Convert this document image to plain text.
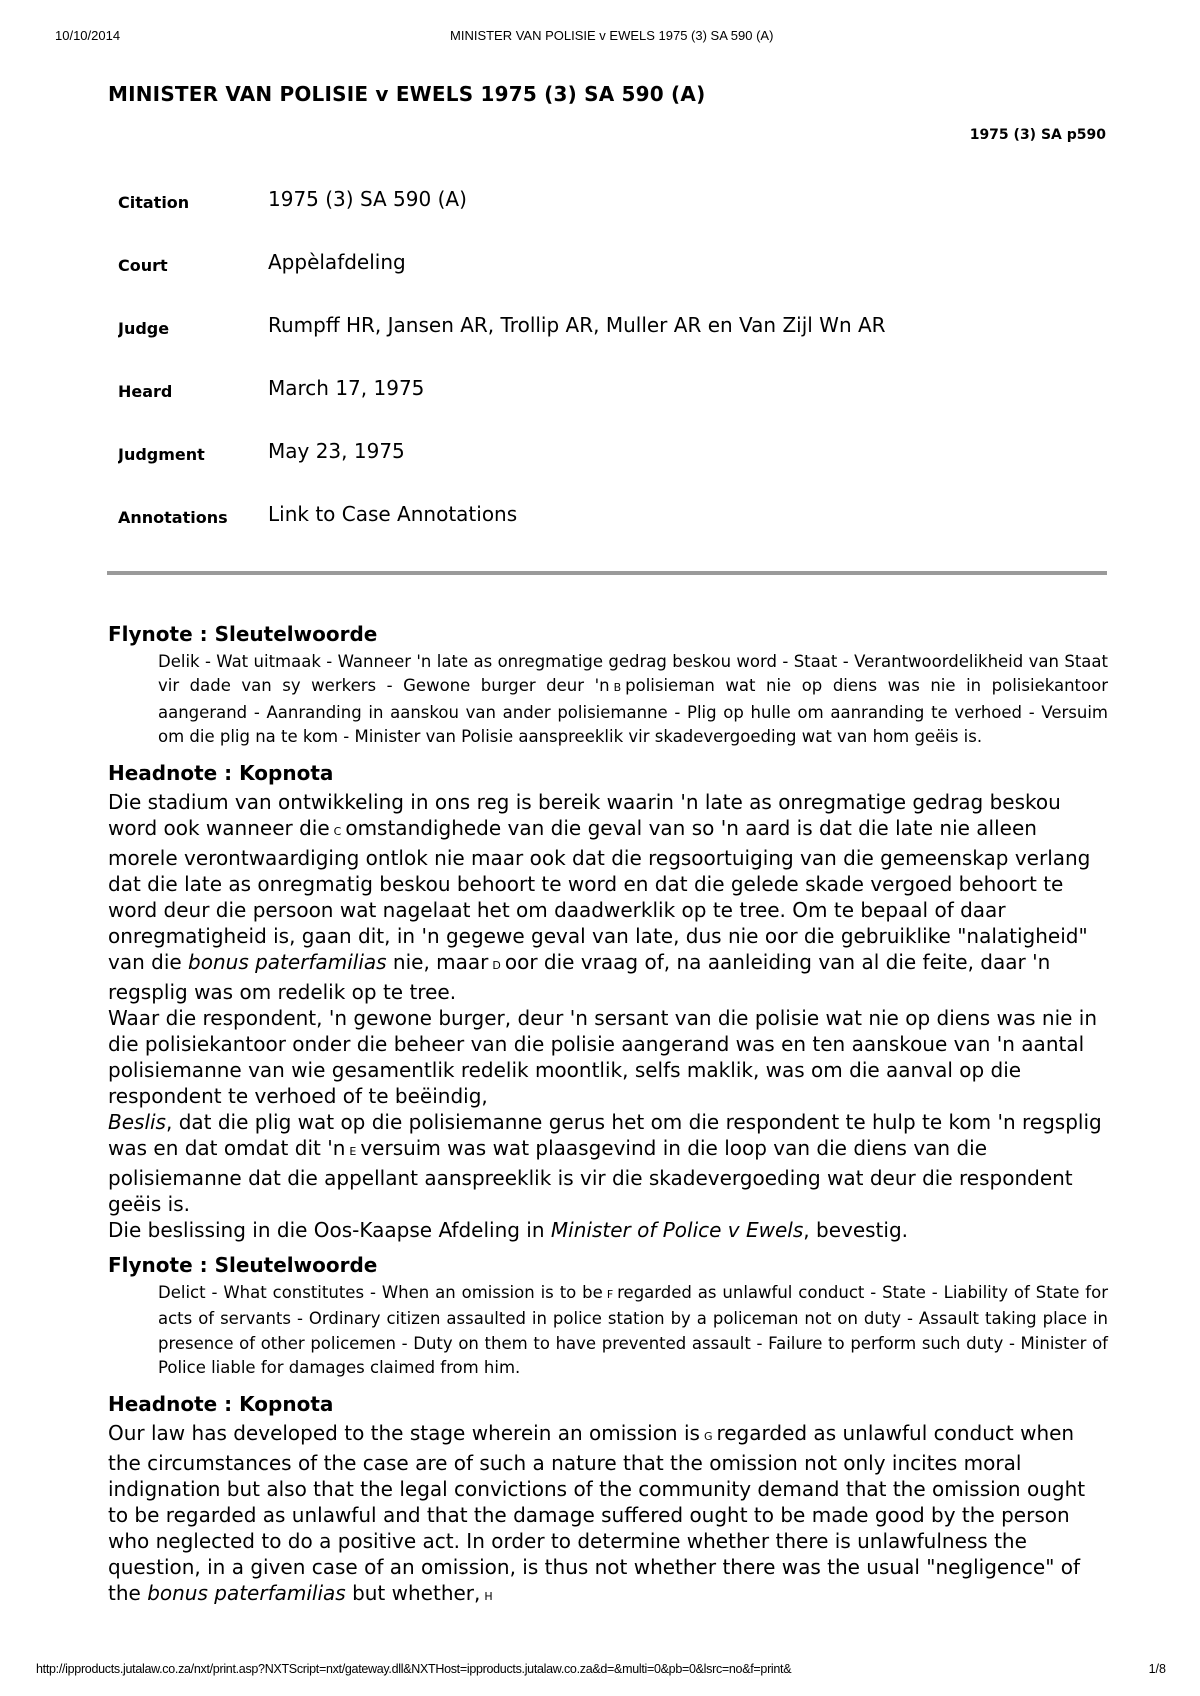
10/10/2014	MINISTER VAN POLISIE v EWELS 1975 (3) SA 590 (A)
MINISTER VAN POLISIE v EWELS 1975 (3) SA 590 (A)
1975 (3) SA p590
Citation	1975 (3) SA 590 (A)
Court	Appèlafdeling
Judge	Rumpff HR, Jansen AR, Trollip AR, Muller AR en Van Zijl Wn AR
Heard	March 17, 1975
Judgment	May 23, 1975
Annotations	Link to Case Annotations
Flynote : Sleutelwoorde
Delik - Wat uitmaak - Wanneer 'n late as onregmatige gedrag beskou word - Staat - Verantwoordelikheid van Staat vir dade van sy werkers - Gewone burger deur 'n B polisieman wat nie op diens was nie in polisiekantoor aangerand - Aanranding in aanskou van ander polisiemanne - Plig op hulle om aanranding te verhoed - Versuim om die plig na te kom - Minister van Polisie aanspreeklik vir skadevergoeding wat van hom geëis is.
Headnote : Kopnota

Die stadium van ontwikkeling in ons reg is bereik waarin 'n late as onregmatige gedrag beskou word ook wanneer die C omstandighede van die geval van so 'n aard is dat die late nie alleen morele verontwaardiging ontlok nie maar ook dat die regsoortuiging van die gemeenskap verlang dat die late as onregmatig beskou behoort te word en dat die gelede skade vergoed behoort te word deur die persoon wat nagelaat het om daadwerklik op te tree. Om te bepaal of daar onregmatigheid is, gaan dit, in 'n gegewe geval van late, dus nie oor die gebruiklike "nalatigheid" van die bonus paterfamilias nie, maar D oor die vraag of, na aanleiding van al die feite, daar 'n regsplig was om redelik op te tree.

Waar die respondent, 'n gewone burger, deur 'n sersant van die polisie wat nie op diens was nie in die polisiekantoor onder die beheer van die polisie aangerand was en ten aanskoue van 'n aantal polisiemanne van wie gesamentlik redelik moontlik, selfs maklik, was om die aanval op die respondent te verhoed of te beëindig,

Beslis, dat die plig wat op die polisiemanne gerus het om die respondent te hulp te kom 'n regsplig was en dat omdat dit 'n E versuim was wat plaasgevind in die loop van die diens van die polisiemanne dat die appellant aanspreeklik is vir die skadevergoeding wat deur die respondent geëis is.

Die beslissing in die Oos-Kaapse Afdeling in Minister of Police v Ewels, bevestig.

Flynote : Sleutelwoorde
Delict - What constitutes - When an omission is to be F regarded as unlawful conduct - State - Liability of State for acts of servants - Ordinary citizen assaulted in police station by a policeman not on duty - Assault taking place in presence of other policemen - Duty on them to have prevented assault - Failure to perform such duty - Minister of Police liable for damages claimed from him.
Headnote : Kopnota

Our law has developed to the stage wherein an omission is G regarded as unlawful conduct when the circumstances of the case are of such a nature that the omission not only incites moral indignation but also that the legal convictions of the community demand that the omission ought to be regarded as unlawful and that the damage suffered ought to be made good by the person who neglected to do a positive act. In order to determine whether there is unlawfulness the question, in a given case of an omission, is thus not whether there was the usual "negligence" of the bonus paterfamilias but whether, H

http://ipproducts.jutalaw.co.za/nxt/print.asp?NXTScript=nxt/gateway.dll&NXTHost=ipproducts.jutalaw.co.za&d=&multi=0&pb=0&lsrc=no&f=print&	1/8
